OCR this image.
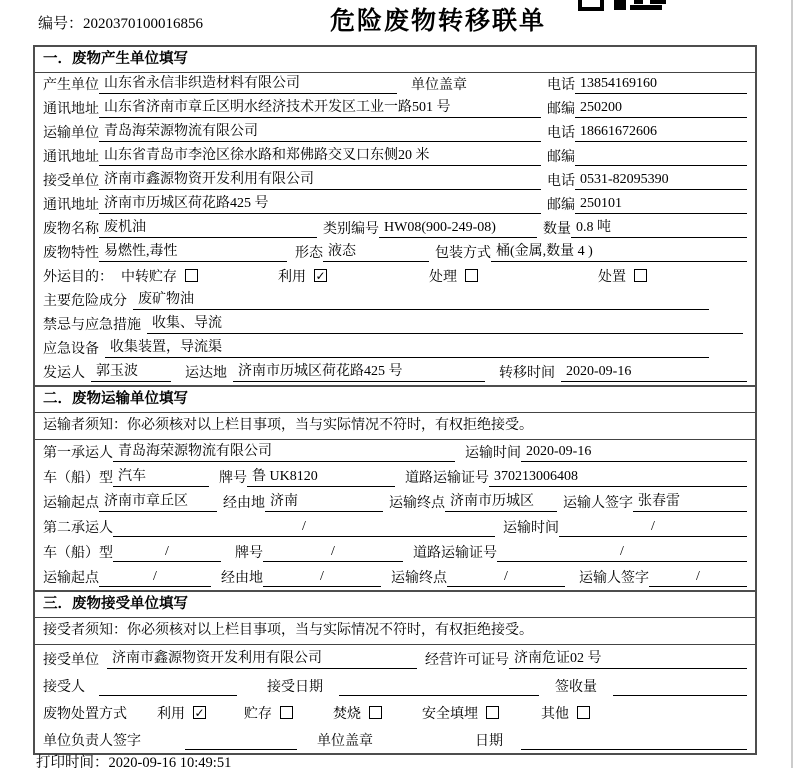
编号：2020370100016856	危险废物转移联单
一．废物产生单位填写
产生单位 山东省永信非织造材料有限公司	单位盖章	电话 13854169160
通讯地址 山东省济南市章丘区明水经济技术开发区工业一路501 号	邮编 250200
运输单位 青岛海荣源物流有限公司	电话 18661672606
通讯地址 山东省青岛市李沧区徐水路和郑佛路交叉口东侧20 米	邮编
接受单位 济南市鑫源物资开发利用有限公司	电话 0531-82095390
通讯地址 济南市历城区荷花路425 号	邮编 250101
废物名称 废机油	类别编号 HW08(900-249-08)	数量 0.8 吨
废物特性 易燃性,毒性	形态 液态	包装方式 桶(金属,数量 4 )
外运目的： 中转贮存	利用 ✓	处理	处置
主要危险成分 废矿物油
禁忌与应急措施 收集、导流
应急设备 收集装置，导流渠
发运人 郭玉波	运达地 济南市历城区荷花路425 号	转移时间 2020-09-16
二．废物运输单位填写
运输者须知：你必须核对以上栏目事项，当与实际情况不符时，有权拒绝接受。
第一承运人 青岛海荣源物流有限公司	运输时间 2020-09-16
车（船）型 汽车	牌号 鲁 UK8120	道路运输证号 370213006408
运输起点 济南市章丘区	经由地 济南	运输终点 济南市历城区	运输人签字 张春雷
第二承运人	/	运输时间	/
车（船）型	/	牌号	/	道路运输证号	/
运输起点	/	经由地	/	运输终点	/	运输人签字	/
三．废物接受单位填写
接受者须知：你必须核对以上栏目事项，当与实际情况不符时，有权拒绝接受。
接受单位 济南市鑫源物资开发利用有限公司	经营许可证号 济南危证02 号
接受人	接受日期	签收量
废物处置方式 利用 ✓	贮存	焚烧	安全填埋	其他
单位负责人签字	单位盖章	日期
打印时间：2020-09-16 10:49:51
